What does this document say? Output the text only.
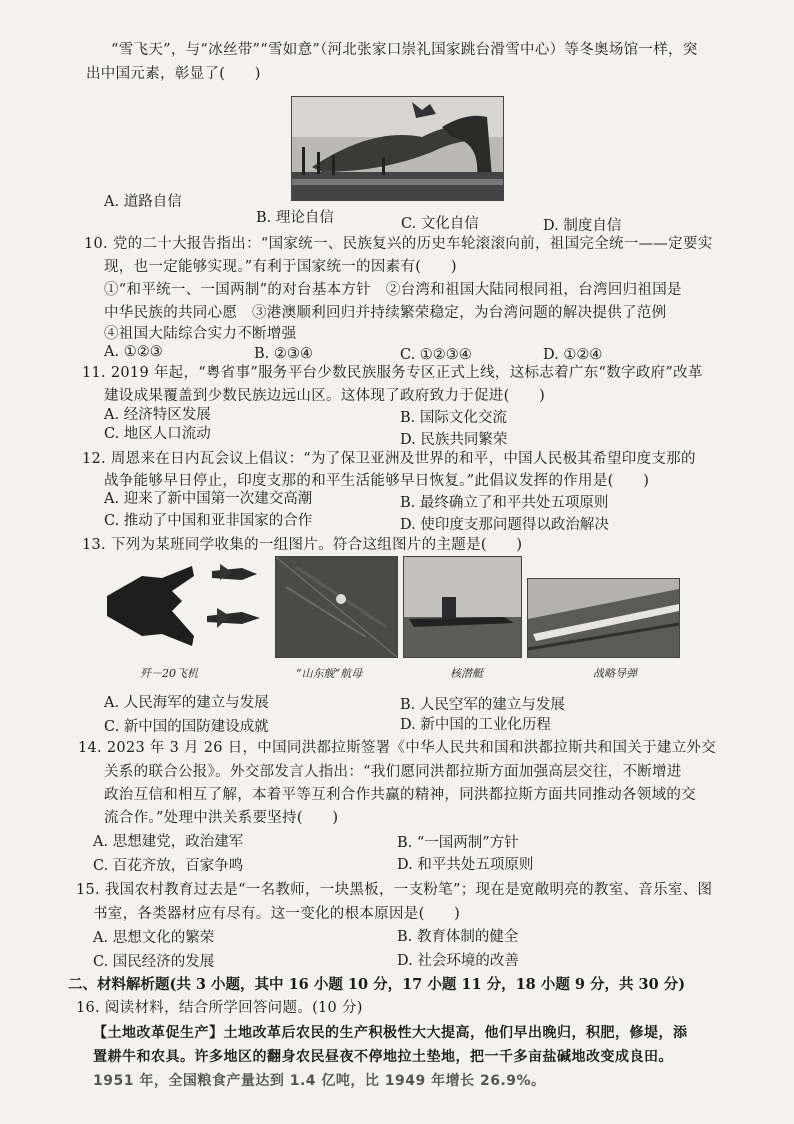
“雪飞天”，与“冰丝带”“雪如意”（河北张家口崇礼国家跳台滑雪中心）等冬奥场馆一样，突
出中国元素，彰显了(　　)
A. 道路自信
B. 理论自信	C. 文化自信	D. 制度自信
10. 党的二十大报告指出：“国家统一、民族复兴的历史车轮滚滚向前，祖国完全统一——定要实
现，也一定能够实现。”有利于国家统一的因素有(　　)
①“和平统一、一国两制”的对台基本方针　②台湾和祖国大陆同根同祖，台湾回归祖国是
中华民族的共同心愿　③港澳顺利回归并持续繁荣稳定，为台湾问题的解决提供了范例
④祖国大陆综合实力不断增强
A. ①②③	B. ②③④	C. ①②③④	D. ①②④
11. 2019 年起，“粤省事”服务平台少数民族服务专区正式上线，这标志着广东“数字政府”改革
建设成果覆盖到少数民族边远山区。这体现了政府致力于促进(　　)
A. 经济特区发展	B. 国际文化交流
C. 地区人口流动	D. 民族共同繁荣
12. 周恩来在日内瓦会议上倡议：“为了保卫亚洲及世界的和平，中国人民极其希望印度支那的
战争能够早日停止，印度支那的和平生活能够早日恢复。”此倡议发挥的作用是(　　)
A. 迎来了新中国第一次建交高潮	B. 最终确立了和平共处五项原则
C. 推动了中国和亚非国家的合作	D. 使印度支那问题得以政治解决
13. 下列为某班同学收集的一组图片。符合这组图片的主题是(　　)
歼－20飞机	“山东舰”航母	核潜艇	战略导弹
A. 人民海军的建立与发展	B. 人民空军的建立与发展
C. 新中国的国防建设成就	D. 新中国的工业化历程
14. 2023 年 3 月 26 日，中国同洪都拉斯签署《中华人民共和国和洪都拉斯共和国关于建立外交
关系的联合公报》。外交部发言人指出：“我们愿同洪都拉斯方面加强高层交往，不断增进
政治互信和相互了解，本着平等互利合作共赢的精神，同洪都拉斯方面共同推动各领域的交
流合作。”处理中洪关系要坚持(　　)
A. 思想建党，政治建军	B. “一国两制”方针
C. 百花齐放，百家争鸣	D. 和平共处五项原则
15. 我国农村教育过去是“一名教师，一块黑板，一支粉笔”；现在是宽敞明亮的教室、音乐室、图
书室，各类器材应有尽有。这一变化的根本原因是(　　)
A. 思想文化的繁荣	B. 教育体制的健全
C. 国民经济的发展	D. 社会环境的改善
二、材料解析题(共 3 小题，其中 16 小题 10 分，17 小题 11 分，18 小题 9 分，共 30 分)
16. 阅读材料，结合所学回答问题。(10 分)
【土地改革促生产】土地改革后农民的生产积极性大大提高，他们早出晚归，积肥，修堤，添
置耕牛和农具。许多地区的翻身农民昼夜不停地拉土垫地，把一千多亩盐碱地改变成良田。
1951 年，全国粮食产量达到 1.4 亿吨，比 1949 年增长 26.9%。
